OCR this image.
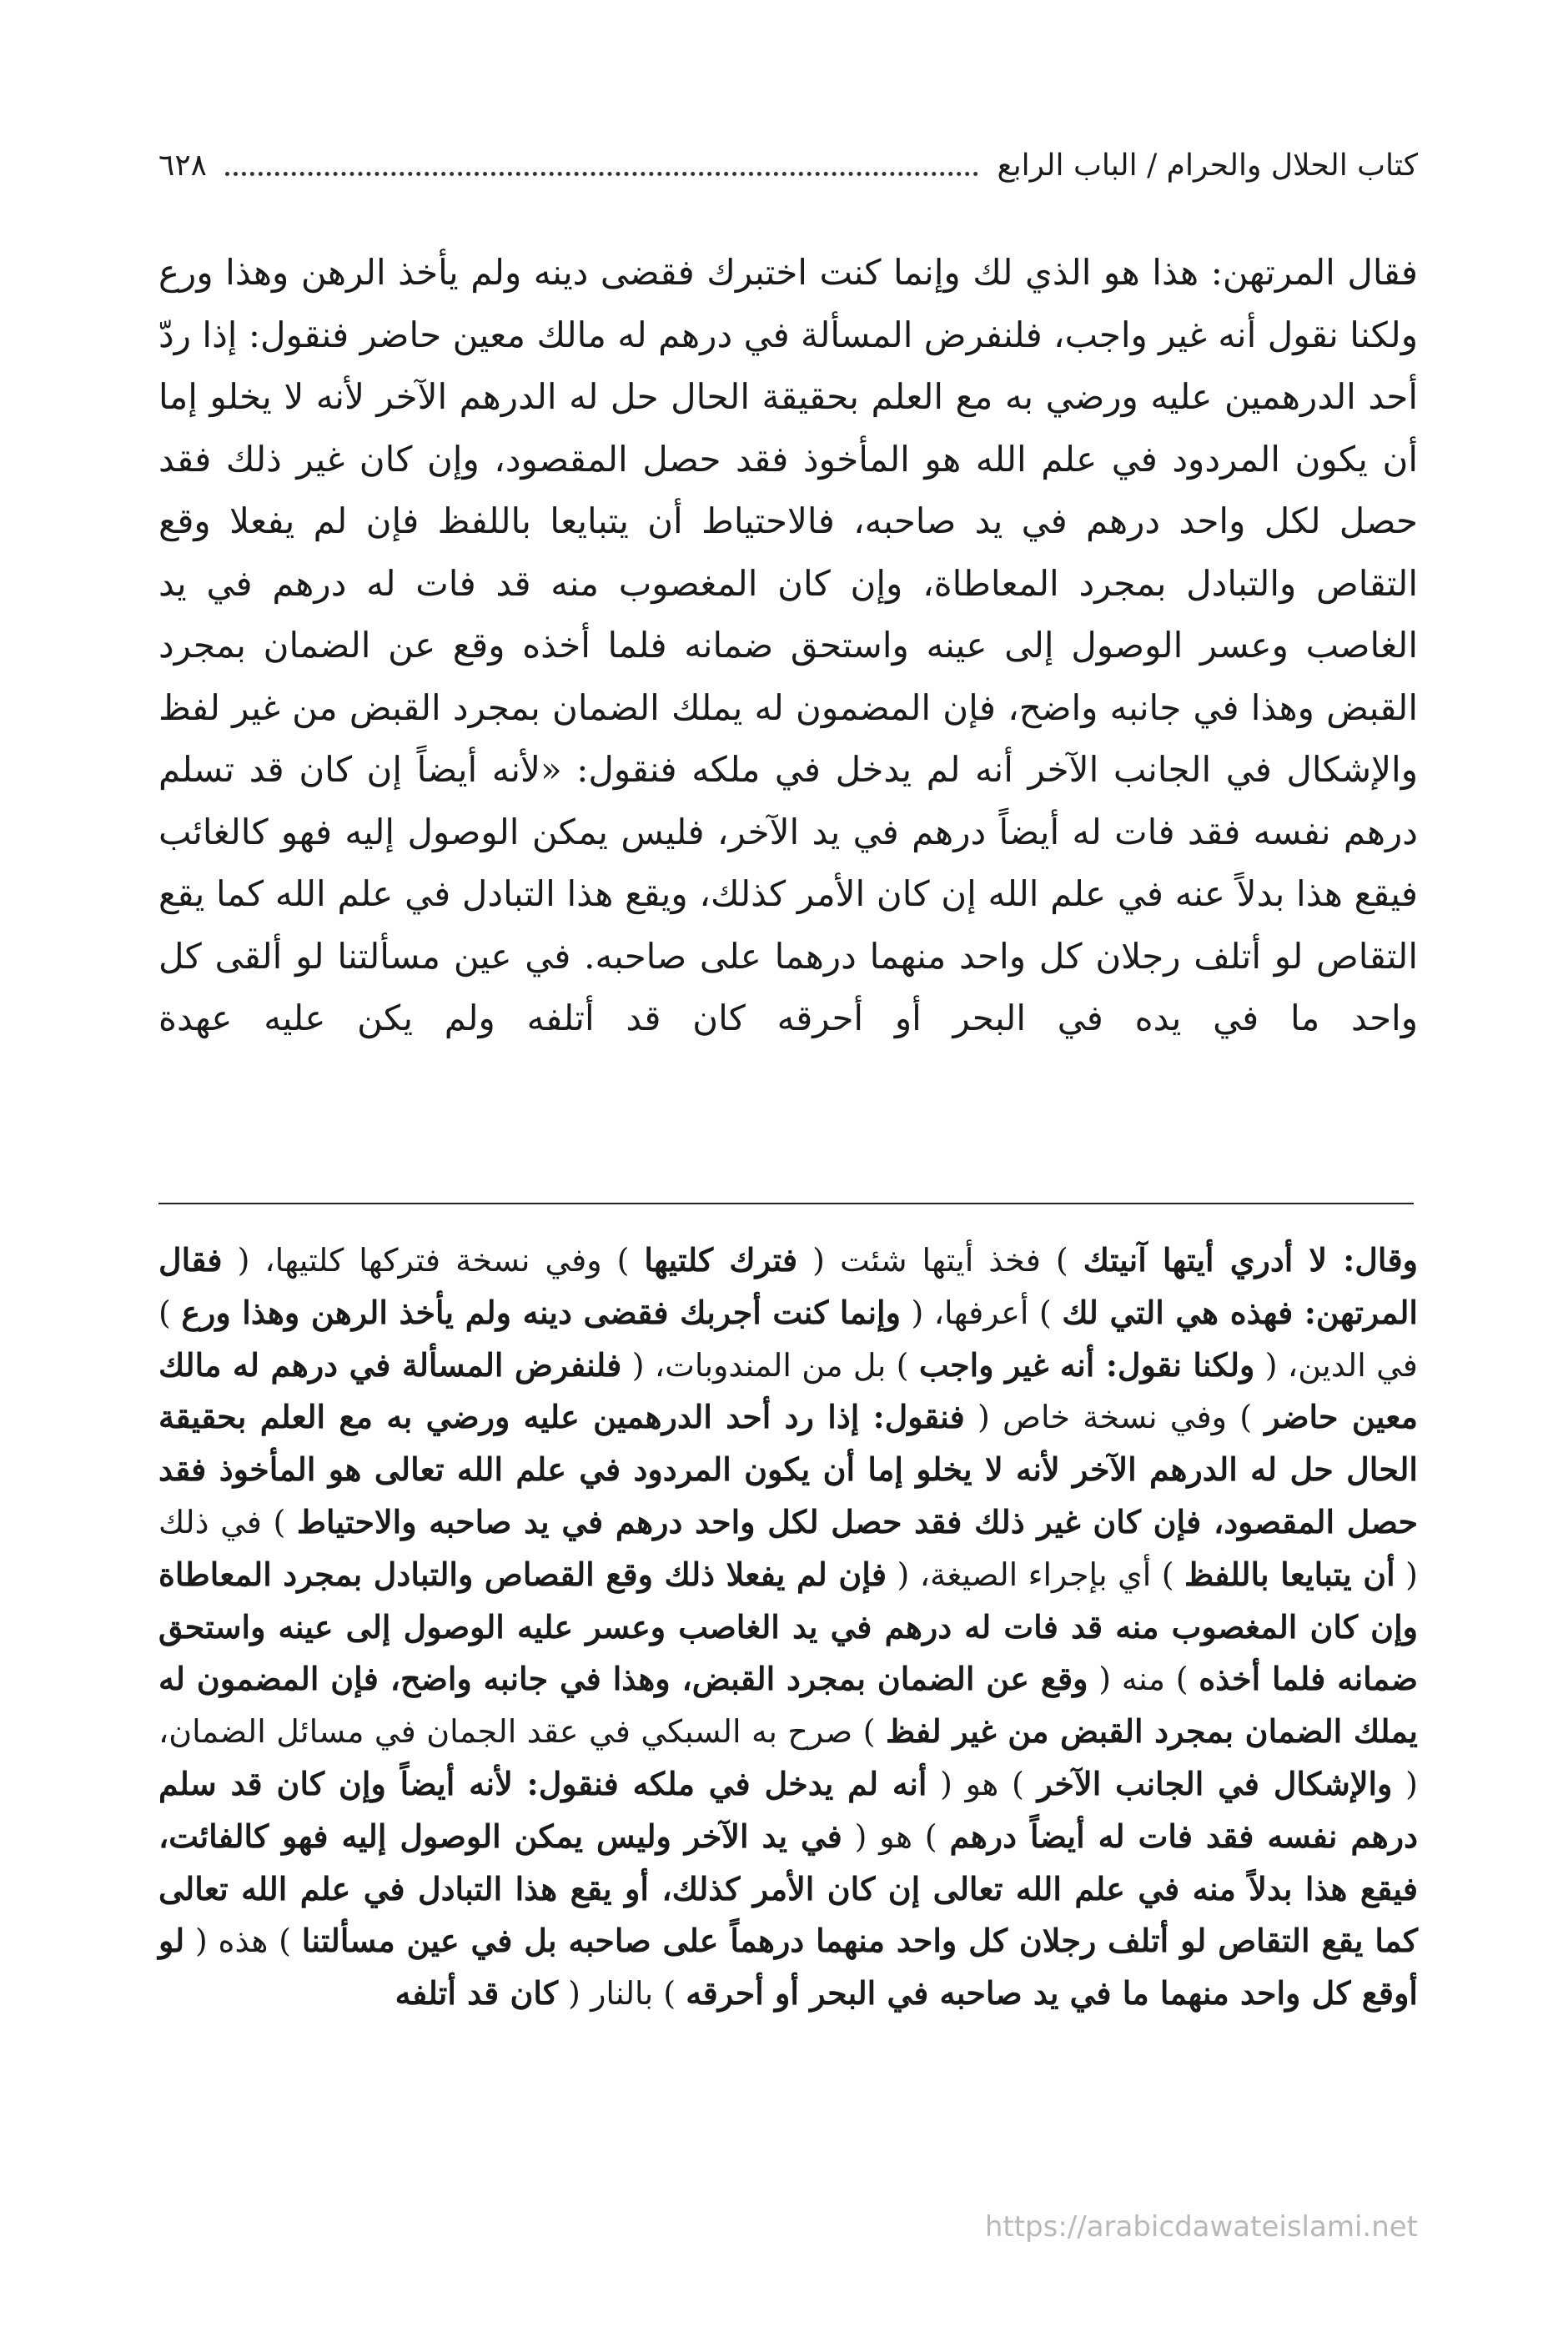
كتاب الحلال والحرام / الباب الرابع
٦٢٨

فقال المرتهن: هذا هو الذي لك وإنما كنت اختبرك فقضى دينه ولم يأخذ الرهن وهذا ورع ولكنا نقول أنه غير واجب، فلنفرض المسألة في درهم له مالك معين حاضر فنقول: إذا ردّ أحد الدرهمين عليه ورضي به مع العلم بحقيقة الحال حل له الدرهم الآخر لأنه لا يخلو إما أن يكون المردود في علم الله هو المأخوذ فقد حصل المقصود، وإن كان غير ذلك فقد حصل لكل واحد درهم في يد صاحبه، فالاحتياط أن يتبايعا باللفظ فإن لم يفعلا وقع التقاص والتبادل بمجرد المعاطاة، وإن كان المغصوب منه قد فات له درهم في يد الغاصب وعسر الوصول إلى عينه واستحق ضمانه فلما أخذه وقع عن الضمان بمجرد القبض وهذا في جانبه واضح، فإن المضمون له يملك الضمان بمجرد القبض من غير لفظ والإشكال في الجانب الآخر أنه لم يدخل في ملكه فنقول: «لأنه أيضاً إن كان قد تسلم درهم نفسه فقد فات له أيضاً درهم في يد الآخر، فليس يمكن الوصول إليه فهو كالغائب فيقع هذا بدلاً عنه في علم الله إن كان الأمر كذلك، ويقع هذا التبادل في علم الله كما يقع التقاص لو أتلف رجلان كل واحد منهما درهما على صاحبه. في عين مسألتنا لو ألقى كل واحد ما في يده في البحر أو أحرقه كان قد أتلفه ولم يكن عليه عهدة

وقال: لا أدري أيتها آنيتك ) فخذ أيتها شئت ( فترك كلتيها ) وفي نسخة فتركها كلتيها، ( فقال المرتهن: فهذه هي التي لك ) أعرفها، ( وإنما كنت أجربك فقضى دينه ولم يأخذ الرهن وهذا ورع ) في الدين، ( ولكنا نقول: أنه غير واجب ) بل من المندوبات، ( فلنفرض المسألة في درهم له مالك معين حاضر ) وفي نسخة خاص ( فنقول: إذا رد أحد الدرهمين عليه ورضي به مع العلم بحقيقة الحال حل له الدرهم الآخر لأنه لا يخلو إما أن يكون المردود في علم الله تعالى هو المأخوذ فقد حصل المقصود، فإن كان غير ذلك فقد حصل لكل واحد درهم في يد صاحبه والاحتياط ) في ذلك ( أن يتبايعا باللفظ ) أي بإجراء الصيغة، ( فإن لم يفعلا ذلك وقع القصاص والتبادل بمجرد المعاطاة وإن كان المغصوب منه قد فات له درهم في يد الغاصب وعسر عليه الوصول إلى عينه واستحق ضمانه فلما أخذه ) منه ( وقع عن الضمان بمجرد القبض، وهذا في جانبه واضح، فإن المضمون له يملك الضمان بمجرد القبض من غير لفظ ) صرح به السبكي في عقد الجمان في مسائل الضمان، ( والإشكال في الجانب الآخر ) هو ( أنه لم يدخل في ملكه فنقول: لأنه أيضاً وإن كان قد سلم درهم نفسه فقد فات له أيضاً درهم ) هو ( في يد الآخر وليس يمكن الوصول إليه فهو كالفائت، فيقع هذا بدلاً منه في علم الله تعالى إن كان الأمر كذلك، أو يقع هذا التبادل في علم الله تعالى كما يقع التقاص لو أتلف رجلان كل واحد منهما درهماً على صاحبه بل في عين مسألتنا ) هذه ( لو أوقع كل واحد منهما ما في يد صاحبه في البحر أو أحرقه ) بالنار ( كان قد أتلفه

https://arabicdawateislami.net
